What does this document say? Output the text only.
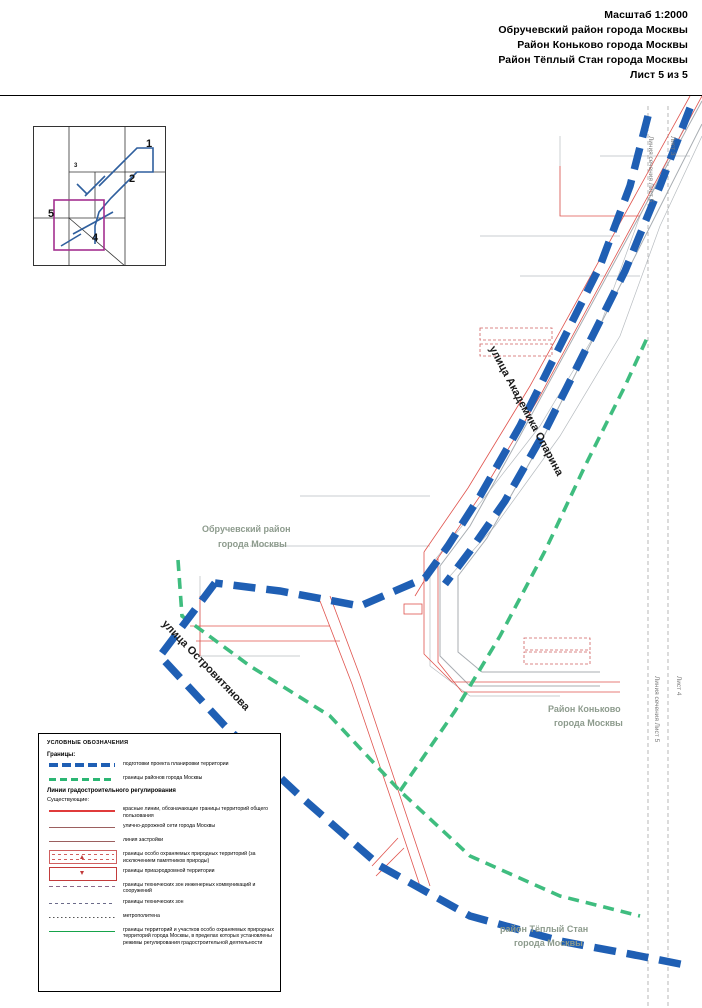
Масштаб 1:2000
Обручевский район города Москвы
Район Коньково города Москвы
Район Тёплый Стан города Москвы
Лист 5 из 5
улица Академика Опарина
улица Островитянова
Обручевский район
города Москвы
Район Коньково
города Москвы
район Тёплый Стан
города Москвы
Линия сечения Лист 5 Лист 3
Линия сечения Лист 5 Лист 4
1
2
3
4
5
УСЛОВНЫЕ ОБОЗНАЧЕНИЯ
Границы:
подготовки проекта планировки территории
границы районов города Москвы
Линии градостроительного регулирования
Существующие:
красные линии, обозначающие границы территорий общего пользования
улично-дорожной сети города Москвы
линия застройки
границы особо охраняемых природных территорий (за исключением памятников природы)
границы приаэродромной территории
границы технических зон инженерных коммуникаций и сооружений
границы технических зон
метрополитена
границы территорий и участков особо охраняемых природных территорий города Москвы, в пределах которых установлены режимы регулирования градостроительной деятельности
